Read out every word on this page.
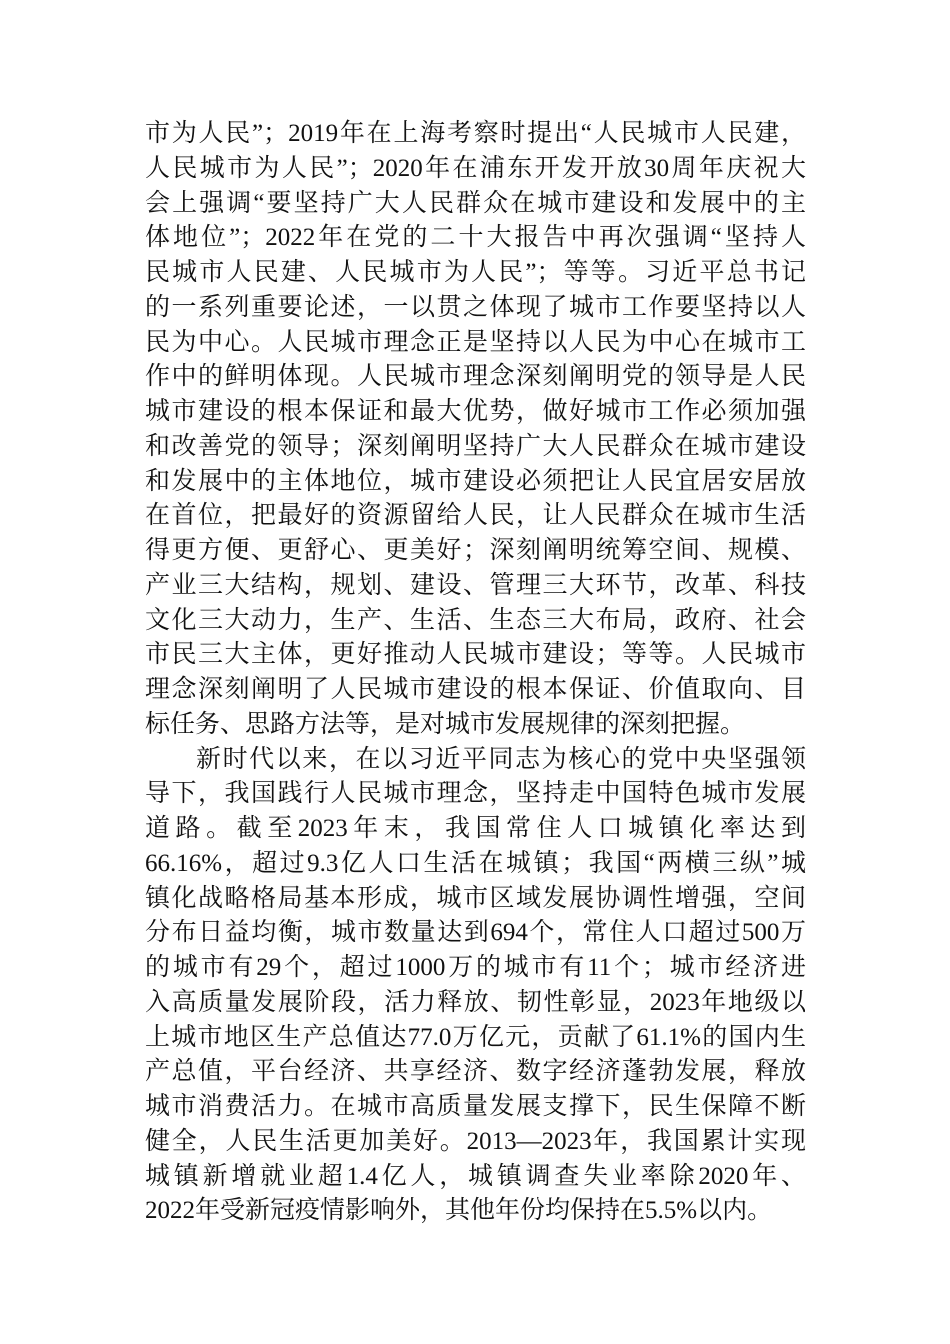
市为人民”；2019年在上海考察时提出“人民城市人民建，
人民城市为人民”；2020年在浦东开发开放30周年庆祝大
会上强调“要坚持广大人民群众在城市建设和发展中的主
体地位”；2022年在党的二十大报告中再次强调“坚持人
民城市人民建、人民城市为人民”；等等。习近平总书记
的一系列重要论述，一以贯之体现了城市工作要坚持以人
民为中心。人民城市理念正是坚持以人民为中心在城市工
作中的鲜明体现。人民城市理念深刻阐明党的领导是人民
城市建设的根本保证和最大优势，做好城市工作必须加强
和改善党的领导；深刻阐明坚持广大人民群众在城市建设
和发展中的主体地位，城市建设必须把让人民宜居安居放
在首位，把最好的资源留给人民，让人民群众在城市生活
得更方便、更舒心、更美好；深刻阐明统筹空间、规模、
产业三大结构，规划、建设、管理三大环节，改革、科技
文化三大动力，生产、生活、生态三大布局，政府、社会
市民三大主体，更好推动人民城市建设；等等。人民城市
理念深刻阐明了人民城市建设的根本保证、价值取向、目
标任务、思路方法等，是对城市发展规律的深刻把握。
新时代以来，在以习近平同志为核心的党中央坚强领
导下，我国践行人民城市理念，坚持走中国特色城市发展
道路。截至2023年末，我国常住人口城镇化率达到
66.16%，超过9.3亿人口生活在城镇；我国“两横三纵”城
镇化战略格局基本形成，城市区域发展协调性增强，空间
分布日益均衡，城市数量达到694个，常住人口超过500万
的城市有29个，超过1000万的城市有11个；城市经济进
入高质量发展阶段，活力释放、韧性彰显，2023年地级以
上城市地区生产总值达77.0万亿元，贡献了61.1%的国内生
产总值，平台经济、共享经济、数字经济蓬勃发展，释放
城市消费活力。在城市高质量发展支撑下，民生保障不断
健全，人民生活更加美好。2013—2023年，我国累计实现
城镇新增就业超1.4亿人，城镇调查失业率除2020年、
2022年受新冠疫情影响外，其他年份均保持在5.5%以内。
